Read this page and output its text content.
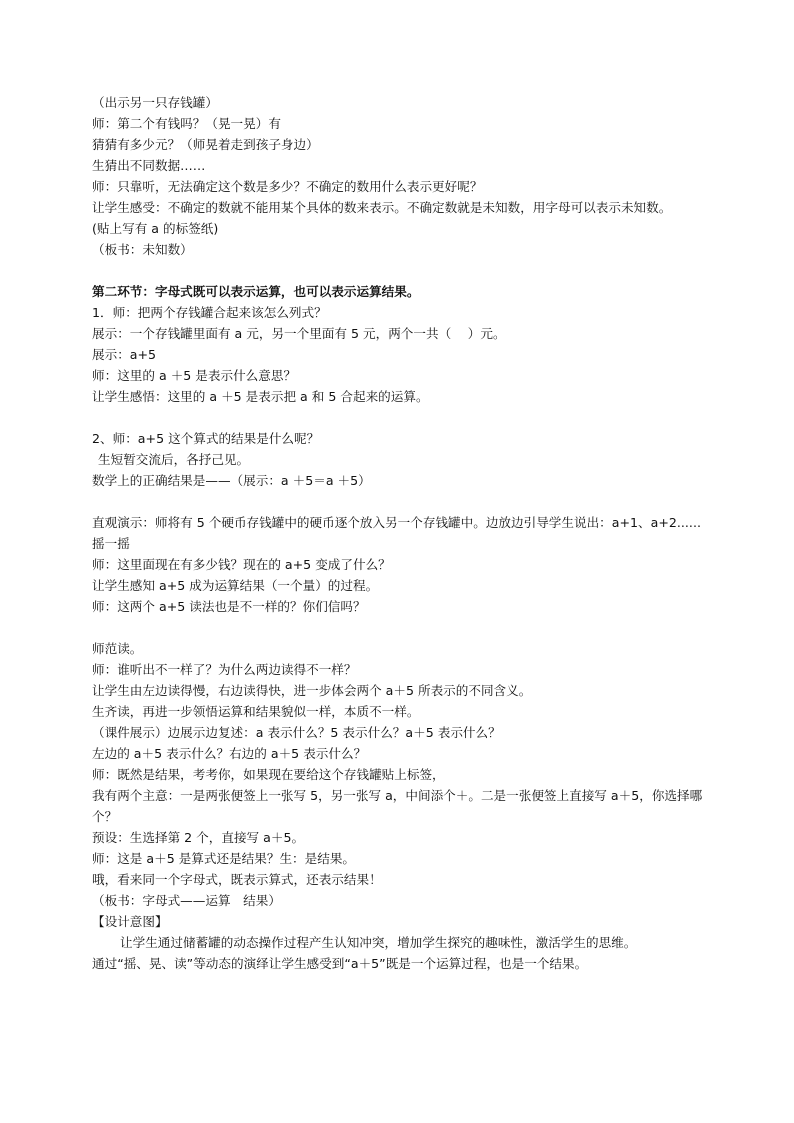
（出示另一只存钱罐）
师：第二个有钱吗？（晃一晃）有
猜猜有多少元？（师晃着走到孩子身边）
生猜出不同数据……
师：只靠听，无法确定这个数是多少？不确定的数用什么表示更好呢？
让学生感受：不确定的数就不能用某个具体的数来表示。不确定数就是未知数，用字母可以表示未知数。
(贴上写有 a 的标签纸)
（板书：未知数）
第二环节：字母式既可以表示运算，也可以表示运算结果。
1．师：把两个存钱罐合起来该怎么列式？
展示：一个存钱罐里面有 a 元，另一个里面有 5 元，两个一共（　 ）元。
展示：a+5
师：这里的 a ＋5 是表示什么意思？
让学生感悟：这里的 a ＋5 是表示把 a 和 5 合起来的运算。
2、师：a+5 这个算式的结果是什么呢？
生短暂交流后，各抒己见。
数学上的正确结果是——（展示：a ＋5＝a ＋5）
直观演示：师将有 5 个硬币存钱罐中的硬币逐个放入另一个存钱罐中。边放边引导学生说出：a+1、a+2......
摇一摇
师：这里面现在有多少钱？现在的 a+5 变成了什么？
让学生感知 a+5 成为运算结果（一个量）的过程。
师：这两个 a+5 读法也是不一样的？你们信吗？
师范读。
师：谁听出不一样了？为什么两边读得不一样？
让学生由左边读得慢，右边读得快，进一步体会两个 a＋5 所表示的不同含义。
生齐读，再进一步领悟运算和结果貌似一样，本质不一样。
（课件展示）边展示边复述：a 表示什么？5 表示什么？a＋5 表示什么？
左边的 a＋5 表示什么？右边的 a＋5 表示什么？
师：既然是结果，考考你，如果现在要给这个存钱罐贴上标签，
我有两个主意：一是两张便签上一张写 5，另一张写 a，中间添个＋。二是一张便签上直接写 a＋5，你选择哪个？
预设：生选择第 2 个，直接写 a＋5。
师：这是 a＋5 是算式还是结果？生：是结果。
哦，看来同一个字母式，既表示算式，还表示结果！
（板书：字母式——运算　结果）
【设计意图】
让学生通过储蓄罐的动态操作过程产生认知冲突，增加学生探究的趣味性，激活学生的思维。
通过“摇、晃、读”等动态的演绎让学生感受到“a＋5”既是一个运算过程，也是一个结果。
